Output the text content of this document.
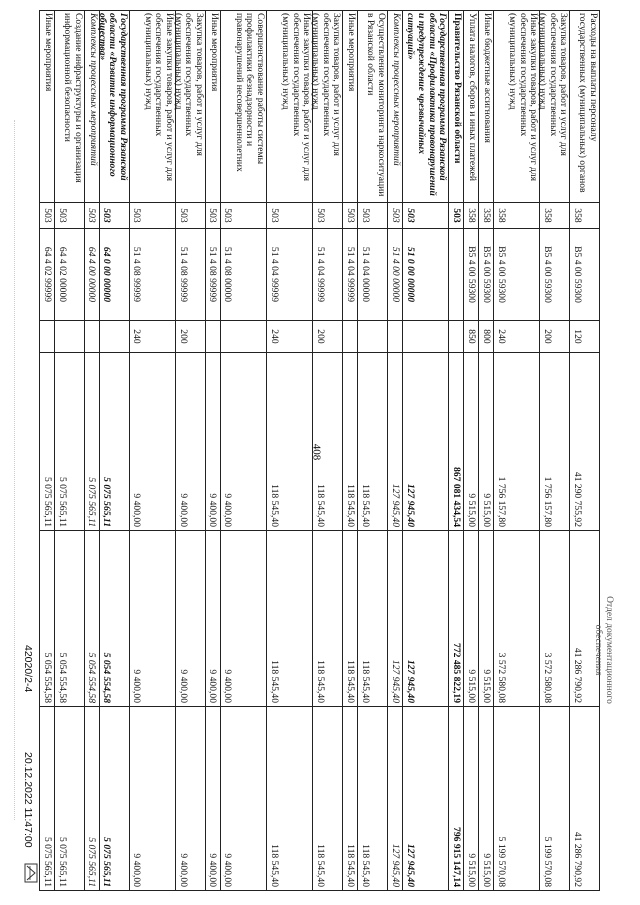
Расходы на выплаты персоналу государственных (муниципальных) органов
358
B5 4 00 59300
120
41 290 755,92
41 286 790,92
41 286 790,92
Закупка товаров, работ и услуг для обеспечения государственных (муниципальных) нужд
358
B5 4 00 59300
200
1 756 157,80
3 572 580,08
5 199 570,08
Иные закупки товаров, работ и услуг для обеспечения государственных (муниципальных) нужд
358
B5 4 00 59300
240
1 756 157,80
3 572 580,08
5 199 570,08
Иные бюджетные ассигнования
358
B5 4 00 59300
800
9 515,00
9 515,00
9 515,00
Уплата налогов, сборов и иных платежей
358
B5 4 00 59300
850
9 515,00
9 515,00
9 515,00
Правительство Рязанской области
503
867 081 434,54
772 485 822,19
796 915 147,14
Государственная программа Рязанской области «Профилактика правонарушений и предупреждение чрезвычайных ситуаций»
503
51 0 00 00000
127 945,40
127 945,40
127 945,40
Комплексы процессных мероприятий
503
51 4 00 00000
127 945,40
127 945,40
127 945,40
Осуществление мониторинга наркоситуации в Рязанской области
503
51 4 04 00000
118 545,40
118 545,40
118 545,40
Иные мероприятия
503
51 4 04 99999
118 545,40
118 545,40
118 545,40
Закупка товаров, работ и услуг для обеспечения государственных (муниципальных) нужд
503
51 4 04 99999
200
118 545,40
118 545,40
118 545,40
Иные закупки товаров, работ и услуг для обеспечения государственных (муниципальных) нужд
503
51 4 04 99999
240
118 545,40
118 545,40
118 545,40
Совершенствование работы системы профилактики безнадзорности и правонарушений несовершеннолетних
503
51 4 08 00000
9 400,00
9 400,00
9 400,00
Иные мероприятия
503
51 4 08 99999
9 400,00
9 400,00
9 400,00
Закупка товаров, работ и услуг для обеспечения государственных (муниципальных) нужд
503
51 4 08 99999
200
9 400,00
9 400,00
9 400,00
Иные закупки товаров, работ и услуг для обеспечения государственных (муниципальных) нужд
503
51 4 08 99999
240
9 400,00
9 400,00
9 400,00
Государственная программа Рязанской области «Развитие информационного общества»
503
64 0 00 00000
5 075 565,11
5 054 554,58
5 075 565,11
Комплексы процессных мероприятий
503
64 4 00 00000
5 075 565,11
5 054 554,58
5 075 565,11
Создание инфраструктуры и организация информационной безопасности
503
64 4 02 00000
5 075 565,11
5 054 554,58
5 075 565,11
Иные мероприятия
503
64 4 02 99999
5 075 565,11
5 054 554,58
5 075 565,11
408
20.12.2022 11:47:00
42020/2-4	Отдел документационного
обеспечения
